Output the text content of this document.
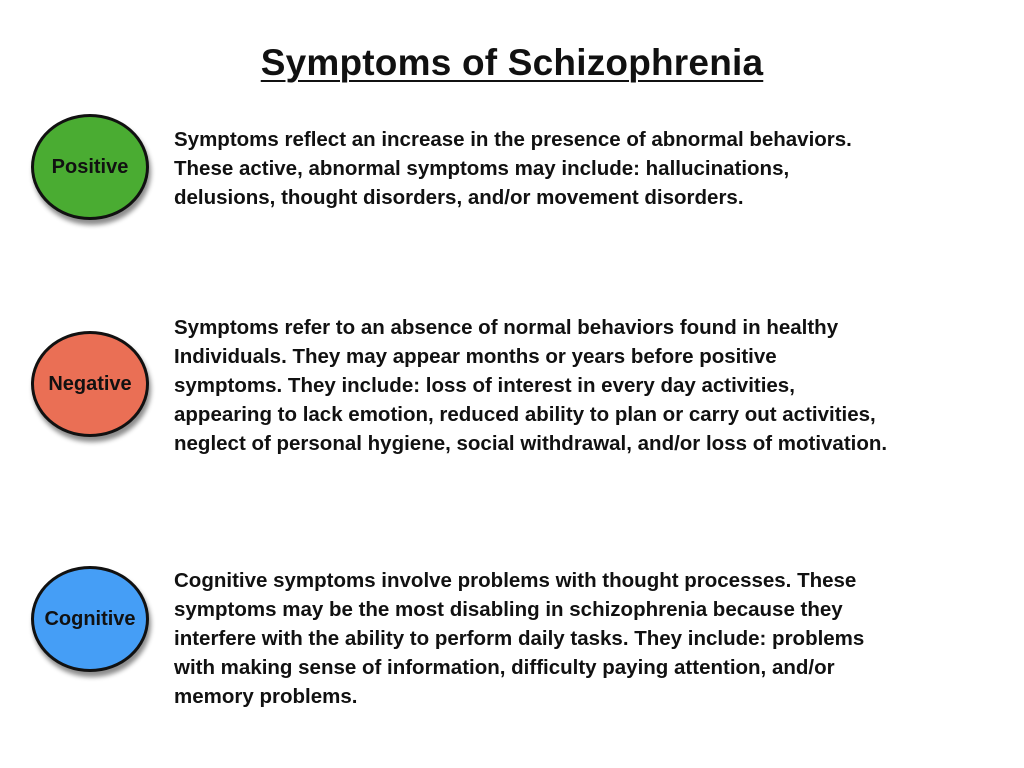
Symptoms of Schizophrenia
Positive
Symptoms reflect an increase in the presence of abnormal behaviors.
These active, abnormal symptoms may include: hallucinations,
delusions, thought disorders, and/or movement disorders.
Negative
Symptoms refer to an absence of normal behaviors found in healthy
Individuals. They may appear months or years before positive
symptoms. They include: loss of interest in every day activities,
appearing to lack emotion, reduced ability to plan or carry out activities,
neglect of personal hygiene, social withdrawal, and/or loss of motivation.
Cognitive
Cognitive symptoms involve problems with thought processes. These
symptoms may be the most disabling in schizophrenia because they
interfere with the ability to perform daily tasks. They include: problems
with making sense of information, difficulty paying attention, and/or
memory problems.
